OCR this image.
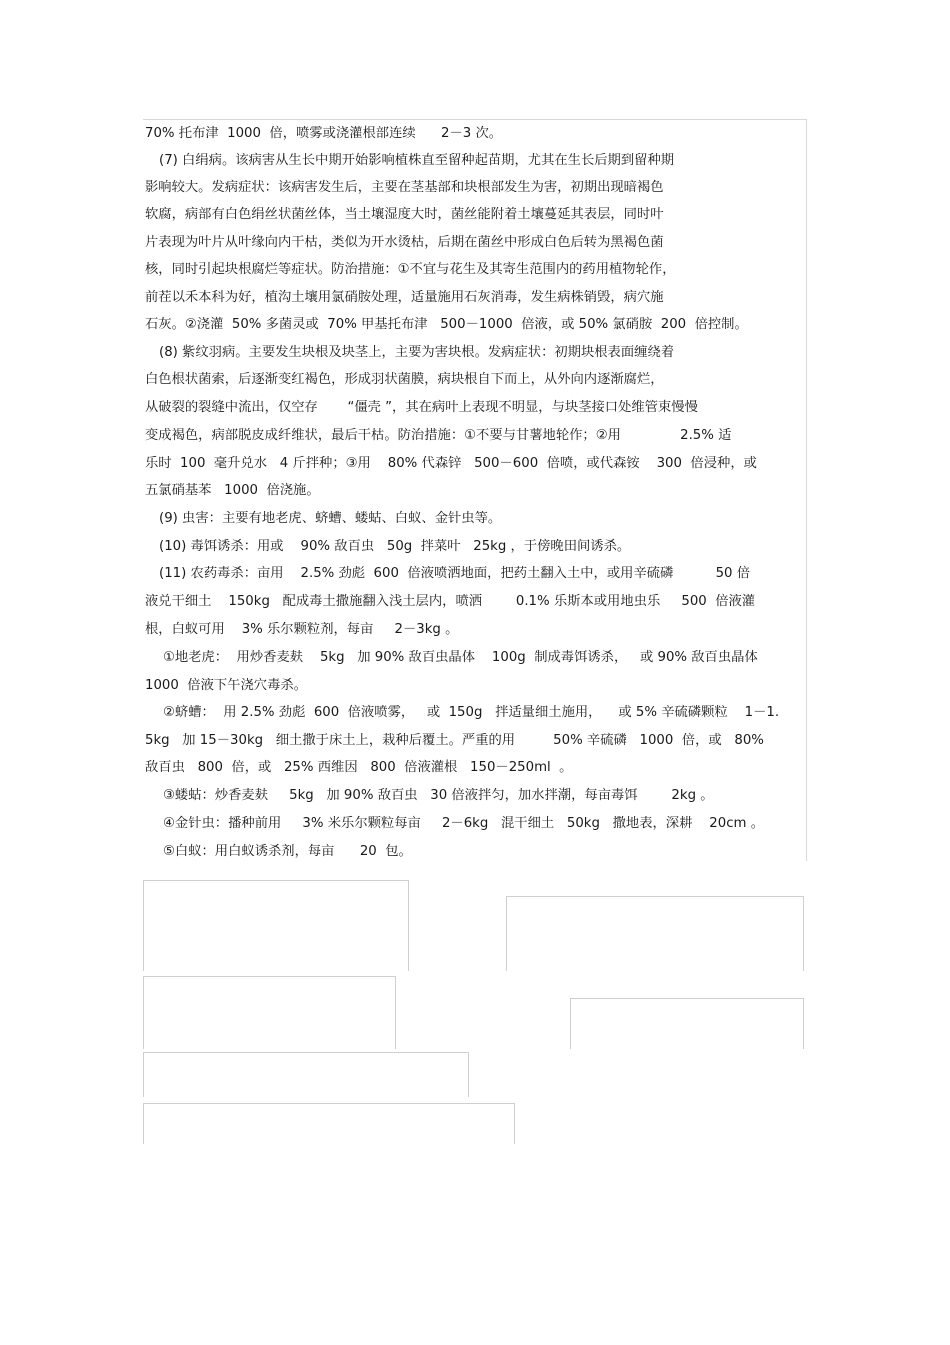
70% 托布津  1000  倍，喷雾或浇灌根部连续      2－3 次。
(7) 白绢病。该病害从生长中期开始影响植株直至留种起苗期，尤其在生长后期到留种期
影响较大。发病症状：该病害发生后，主要在茎基部和块根部发生为害，初期出现暗褐色
软腐，病部有白色绢丝状菌丝体，当土壤湿度大时，菌丝能附着土壤蔓延其表层，同时叶
片表现为叶片从叶缘向内干枯，类似为开水烫枯，后期在菌丝中形成白色后转为黑褐色菌
核，同时引起块根腐烂等症状。防治措施：①不宜与花生及其寄生范围内的药用植物轮作，
前茬以禾本科为好，植沟土壤用氯硝胺处理，适量施用石灰消毒，发生病株销毁，病穴施
石灰。②浇灌  50% 多菌灵或  70% 甲基托布津   500－1000  倍液，或 50% 氯硝胺  200  倍控制。
(8) 紫纹羽病。主要发生块根及块茎上，主要为害块根。发病症状：初期块根表面缠绕着
白色根状菌索，后逐渐变红褐色，形成羽状菌膜，病块根自下而上，从外向内逐渐腐烂，
从破裂的裂缝中流出，仅空存       “僵壳 ”，其在病叶上表现不明显，与块茎接口处维管束慢慢
变成褐色，病部脱皮成纤维状，最后干枯。防治措施：①不要与甘薯地轮作；②用              2.5% 适
乐时  100  毫升兑水   4 斤拌种；③用    80% 代森锌   500－600  倍喷，或代森铵    300  倍浸种，或
五氯硝基苯   1000  倍浇施。
(9) 虫害：主要有地老虎、蛴螬、蝼蛄、白蚁、金针虫等。
(10) 毒饵诱杀：用或    90% 敌百虫   50g  拌菜叶   25kg ，于傍晚田间诱杀。
(11) 农药毒杀：亩用    2.5% 劲彪  600  倍液喷洒地面，把药土翻入土中，或用辛硫磷          50 倍
液兑干细土    150kg   配成毒土撒施翻入浅土层内，喷洒        0.1% 乐斯本或用地虫乐     500  倍液灌
根，白蚁可用    3% 乐尔颗粒剂，每亩     2－3kg 。
①地老虎：  用炒香麦麸    5kg   加 90% 敌百虫晶体    100g  制成毒饵诱杀，   或 90% 敌百虫晶体
1000  倍液下午浇穴毒杀。
②蛴螬：  用 2.5% 劲彪  600  倍液喷雾，   或  150g   拌适量细土施用，    或 5% 辛硫磷颗粒    1－1.
5kg   加 15－30kg   细土撒于床土上，栽种后覆土。严重的用         50% 辛硫磷   1000  倍，或   80%
敌百虫   800  倍，或   25% 西维因   800  倍液灌根   150－250ml  。
③蝼蛄：炒香麦麸     5kg   加 90% 敌百虫   30 倍液拌匀，加水拌潮，每亩毒饵        2kg 。
④金针虫：播种前用     3% 米乐尔颗粒每亩     2－6kg   混干细土   50kg   撒地表，深耕    20cm 。
⑤白蚁：用白蚁诱杀剂，每亩      20  包。
